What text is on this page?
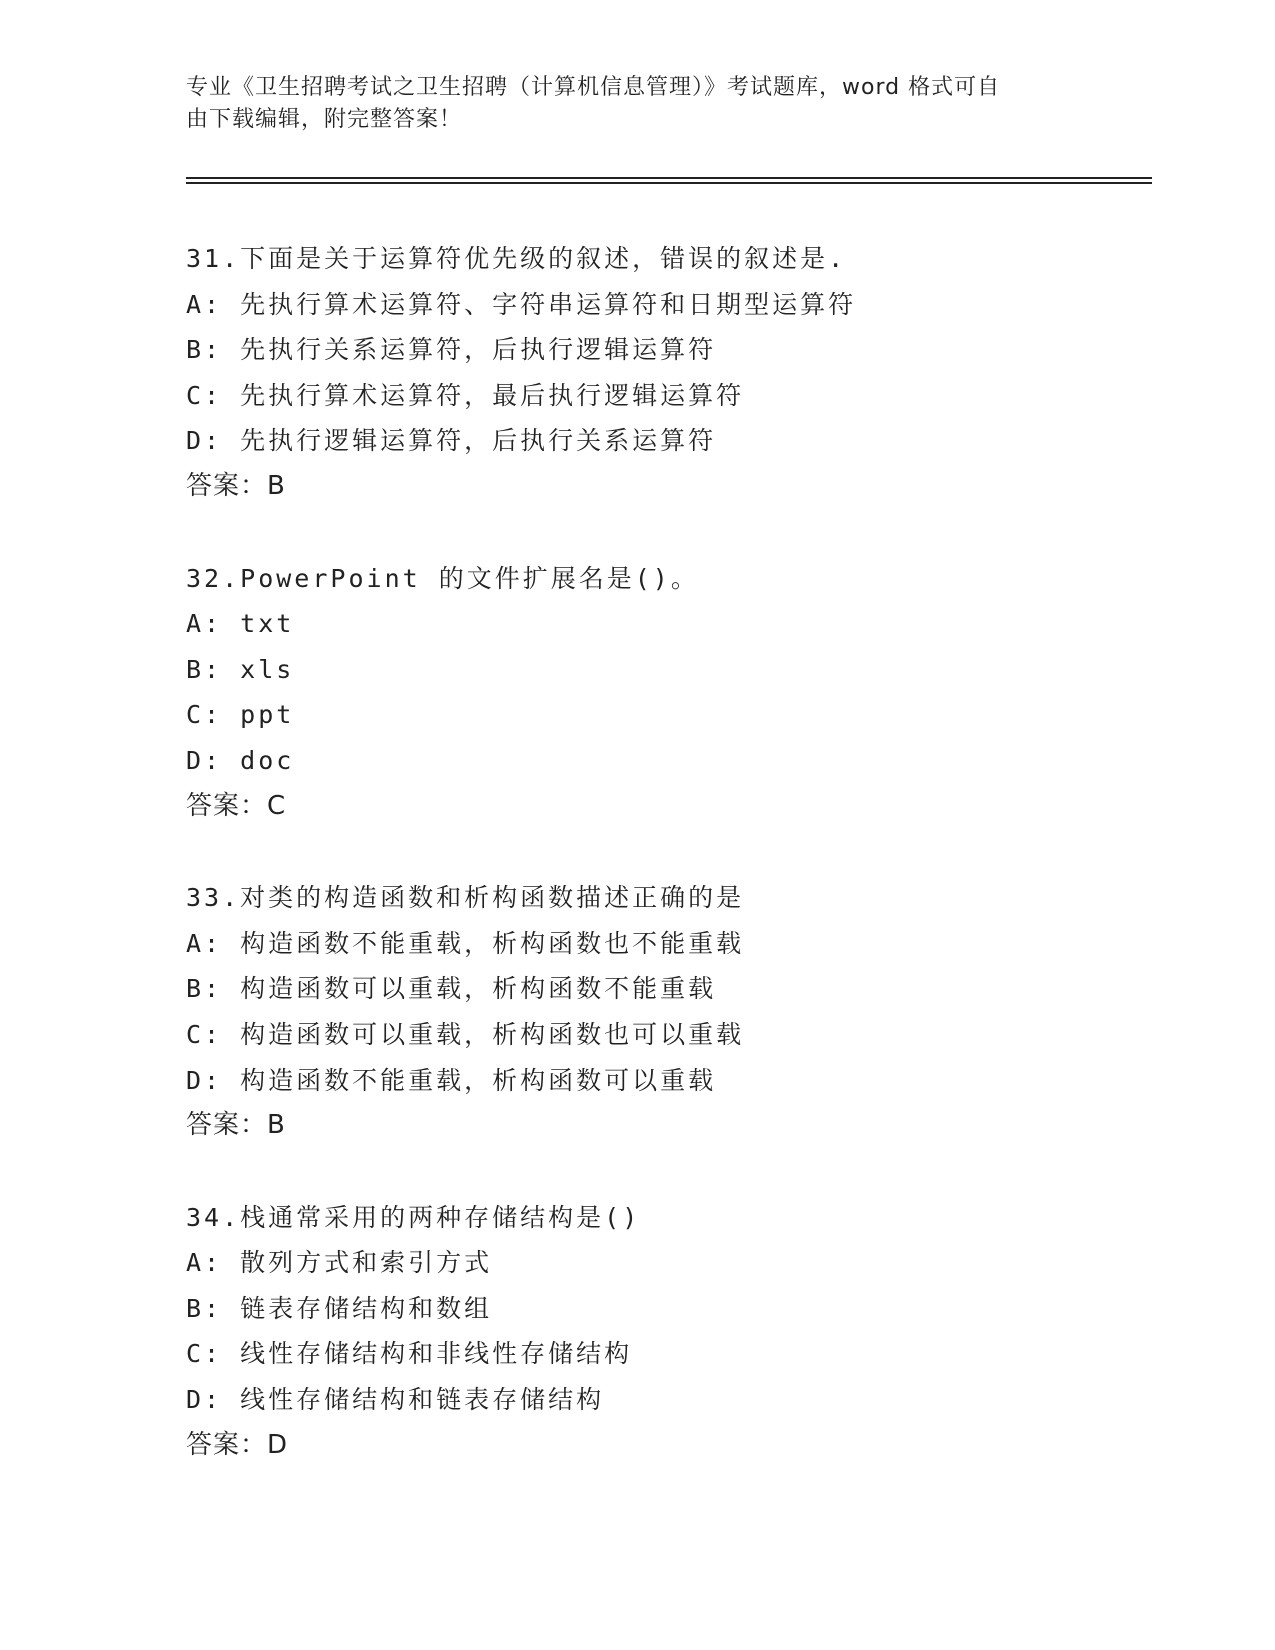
专业《卫生招聘考试之卫生招聘（计算机信息管理）》考试题库，word 格式可自
由下载编辑，附完整答案！
31.下面是关于运算符优先级的叙述，错误的叙述是.
A: 先执行算术运算符、字符串运算符和日期型运算符
B: 先执行关系运算符，后执行逻辑运算符
C: 先执行算术运算符，最后执行逻辑运算符
D: 先执行逻辑运算符，后执行关系运算符
答案：B
32.PowerPoint 的文件扩展名是()。
A: txt
B: xls
C: ppt
D: doc
答案：C
33.对类的构造函数和析构函数描述正确的是
A: 构造函数不能重载，析构函数也不能重载
B: 构造函数可以重载，析构函数不能重载
C: 构造函数可以重载，析构函数也可以重载
D: 构造函数不能重载，析构函数可以重载
答案：B
34.栈通常采用的两种存储结构是()
A: 散列方式和索引方式
B: 链表存储结构和数组
C: 线性存储结构和非线性存储结构
D: 线性存储结构和链表存储结构
答案：D
